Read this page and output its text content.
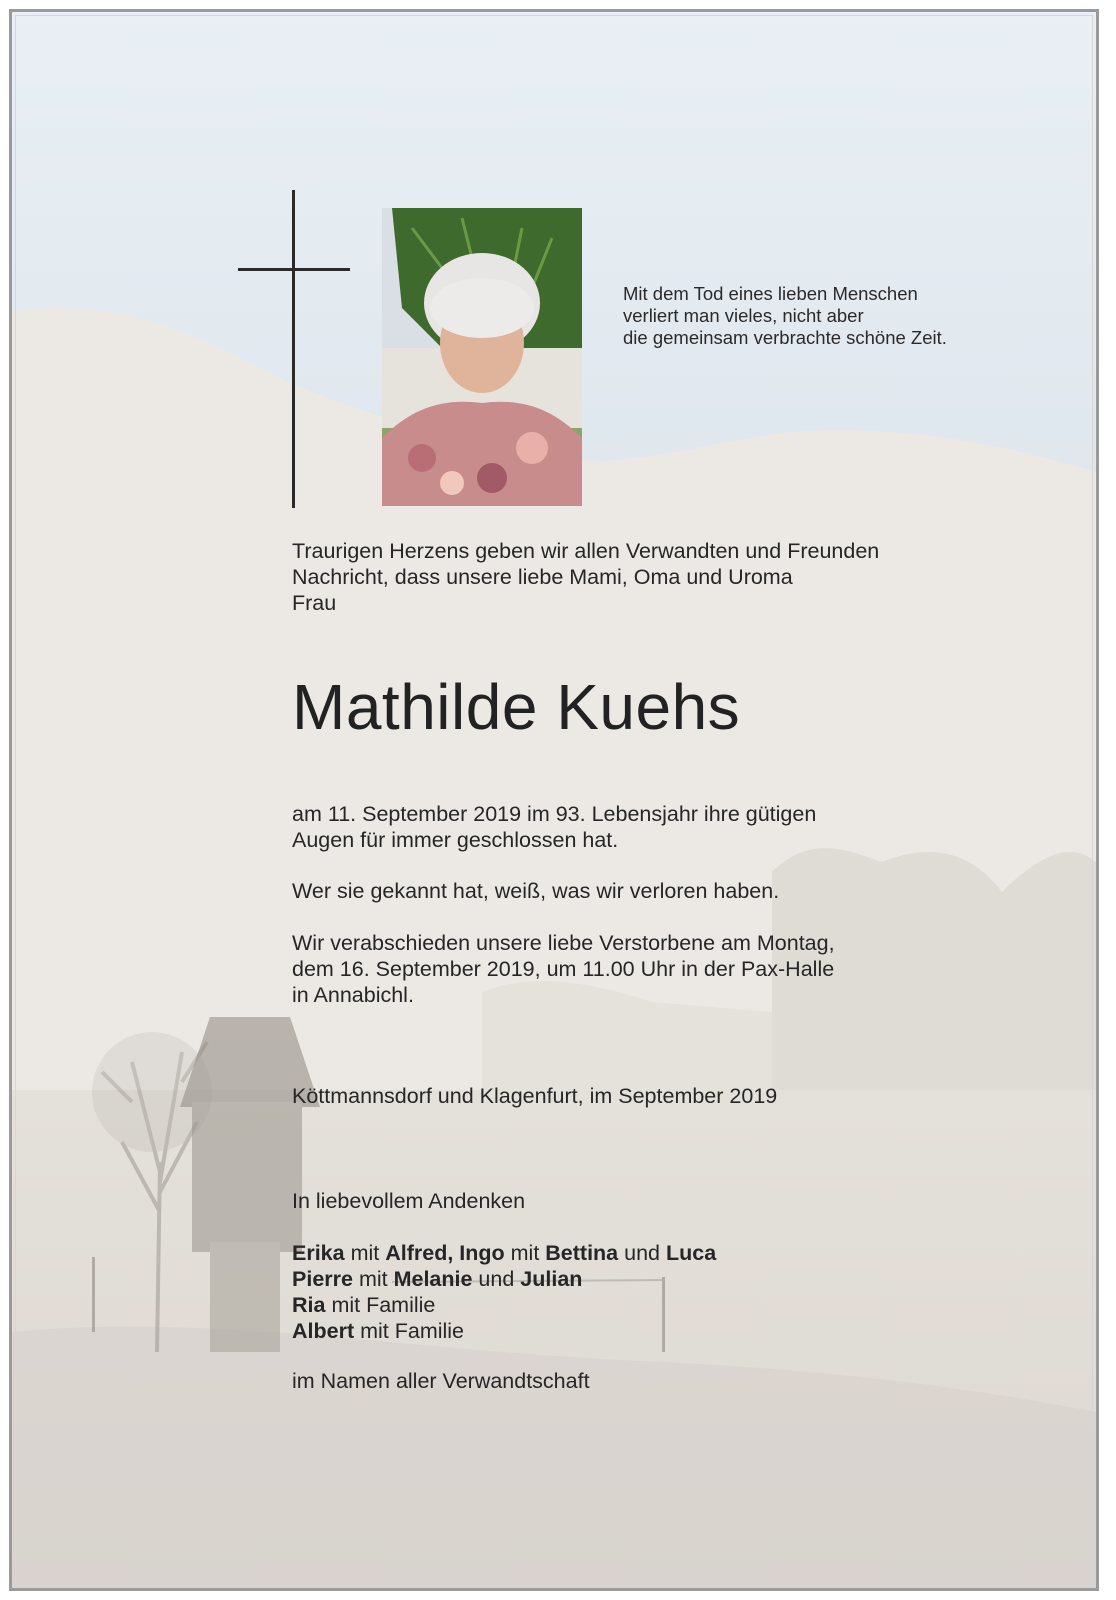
Mit dem Tod eines lieben Menschen
verliert man vieles, nicht aber
die gemeinsam verbrachte schöne Zeit.
Traurigen Herzens geben wir allen Verwandten und Freunden
Nachricht, dass unsere liebe Mami, Oma und Uroma
Frau
Mathilde Kuehs
am 11. September 2019 im 93. Lebensjahr ihre gütigen
Augen für immer geschlossen hat.
Wer sie gekannt hat, weiß, was wir verloren haben.
Wir verabschieden unsere liebe Verstorbene am Montag,
dem 16. September 2019, um 11.00 Uhr in der Pax-Halle
in Annabichl.
Köttmannsdorf und Klagenfurt, im September 2019
In liebevollem Andenken
Erika mit Alfred, Ingo mit Bettina und Luca
Pierre mit Melanie und Julian
Ria mit Familie
Albert mit Familie
im Namen aller Verwandtschaft
